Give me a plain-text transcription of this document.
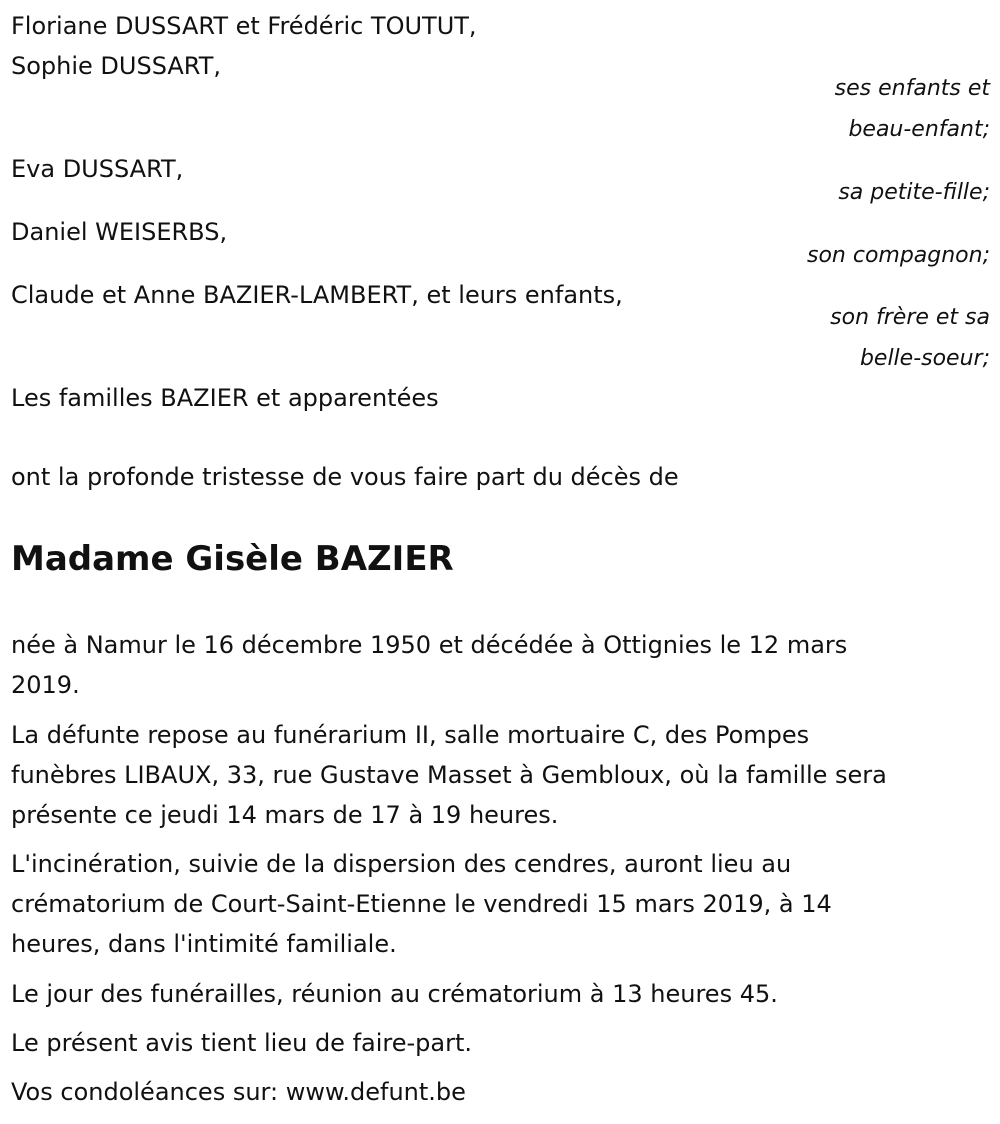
Floriane DUSSART et Frédéric TOUTUT,
Sophie DUSSART,
ses enfants et
beau-enfant;
Eva DUSSART,
sa petite-fille;
Daniel WEISERBS,
son compagnon;
Claude et Anne BAZIER-LAMBERT, et leurs enfants,
son frère et sa
belle-soeur;
Les familles BAZIER et apparentées
ont la profonde tristesse de vous faire part du décès de
Madame Gisèle BAZIER
née à Namur le 16 décembre 1950 et décédée à Ottignies le 12 mars
2019.
La défunte repose au funérarium II, salle mortuaire C, des Pompes
funèbres LIBAUX, 33, rue Gustave Masset à Gembloux, où la famille sera
présente ce jeudi 14 mars de 17 à 19 heures.
L'incinération, suivie de la dispersion des cendres, auront lieu au
crématorium de Court-Saint-Etienne le vendredi 15 mars 2019, à 14
heures, dans l'intimité familiale.
Le jour des funérailles, réunion au crématorium à 13 heures 45.
Le présent avis tient lieu de faire-part.
Vos condoléances sur: www.defunt.be
